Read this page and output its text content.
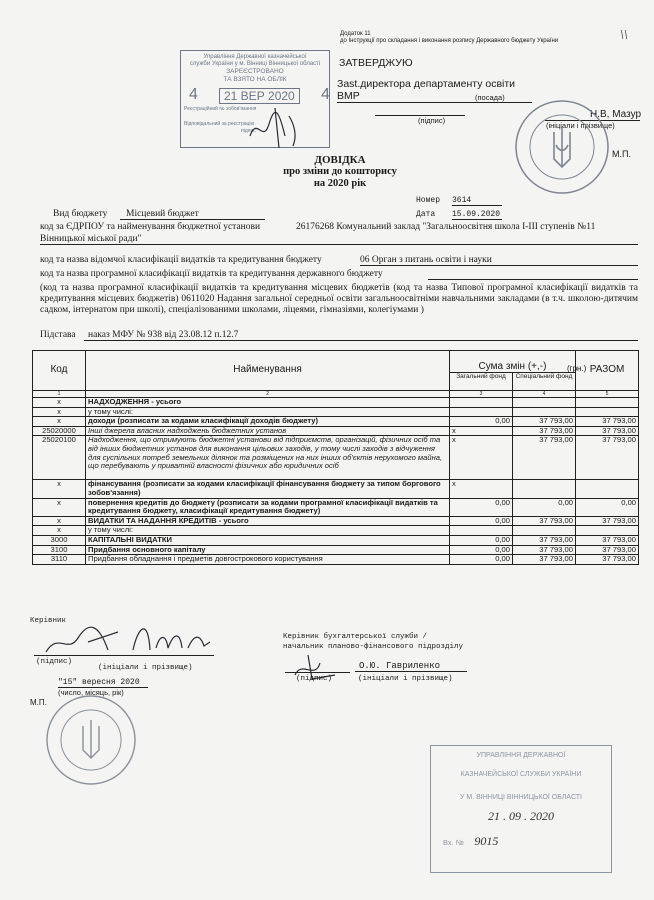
Додаток 11
до Інструкції про складання і виконання розпису Державного бюджету України	\\
Управління Державної казначейської
служби України у м. Вінниці Вінницької області
ЗАРЕЄСТРОВАНО
ТА ВЗЯТО НА ОБЛІК
4	21 ВЕР 2020	4
Реєстраційний № зобов'язання
Відповідальний за реєстрацію
підпис
ЗАТВЕРДЖУЮ
Зast.директора департаменту освіти ВМР	(посада)
(підпис)
Н.В, Мазур
(ініціали і прізвище)
М.П.
ДОВІДКА
про зміни до кошторису
на 2020 рік
Номер 3614
Дата 15.09.2020
Вид бюджету	Місцевий бюджет
код за ЄДРПОУ та найменування бюджетної установи	26176268 Комунальний заклад "Загальноосвітня школа І-ІІІ ступенів №11
Вінницької міської ради"
код та назва відомчої класифікації видатків та кредитування бюджету	06 Орган з питань освіти і науки
код та назва програмної класифікації видатків та кредитування державного бюджету
(код та назва програмної класифікації видатків та кредитування місцевих бюджетів (код та назва Типової програмної класифікації видатків та кредитування місцевих бюджетів) 0611020 Надання загальної середньої освіти загальноосвітніми навчальними закладами (в т.ч. школою-дитячим садком, інтернатом при школі), спеціалізованими школами, ліцеями, гімназіями, колегіумами )
Підстава	наказ МФУ № 938 від 23.08.12 п.12.7
(грн.)
Код	Найменування	Сума змін (+,-)		РАЗОМ
		Загальний фонд	Спеціальний фонд	
1	2	3	4	5
x	НАДХОДЖЕННЯ - усього			
x	у тому числі:			
x	доходи (розписати за кодами класифікації доходів бюджету)	0,00	37 793,00	37 793,00
25020000	Інші джерела власних надходжень бюджетних установ	x	37 793,00	37 793,00
25020100	Надходження, що отримують бюджетні установи від підприємств, організацій, фізичних осіб та від інших бюджетних установ для виконання цільових заходів, у тому числі заходів з відчуження для суспільних потреб земельних ділянок та розміщених на них інших об'єктів нерухомого майна, що перебувають у приватній власності фізичних або юридичних осіб	x	37 793,00	37 793,00
x	фінансування (розписати за кодами класифікації фінансування бюджету за типом боргового зобов'язання)	x		
x	повернення кредитів до бюджету (розписати за кодами програмної класифікації видатків та кредитування бюджету, класифікації кредитування бюджету)	0,00	0,00	0,00
x	ВИДАТКИ ТА НАДАННЯ КРЕДИТІВ - усього	0,00	37 793,00	37 793,00
x	у тому числі:			
3000	КАПІТАЛЬНІ ВИДАТКИ	0,00	37 793,00	37 793,00
3100	Придбання основного капіталу	0,00	37 793,00	37 793,00
3110	Придбання обладнання і предметів довгострокового користування	0,00	37 793,00	37 793,00
Керівник
(підпис)
(ініціали і прізвище)
"15" вересня 2020
(число, місяць, рік)
М.П.
Керівник бухгалтерської служби /
начальник планово-фінансового підрозділу
(підпис)
О.Ю. Гавриленко
(ініціали і прізвище)
УПРАВЛІННЯ ДЕРЖАВНОЇ
КАЗНАЧЕЙСЬКОЇ СЛУЖБИ УКРАЇНИ
У М. ВІННИЦІ ВІННИЦЬКОЇ ОБЛАСТІ
21 . 09 . 2020
Вх. № 9015
